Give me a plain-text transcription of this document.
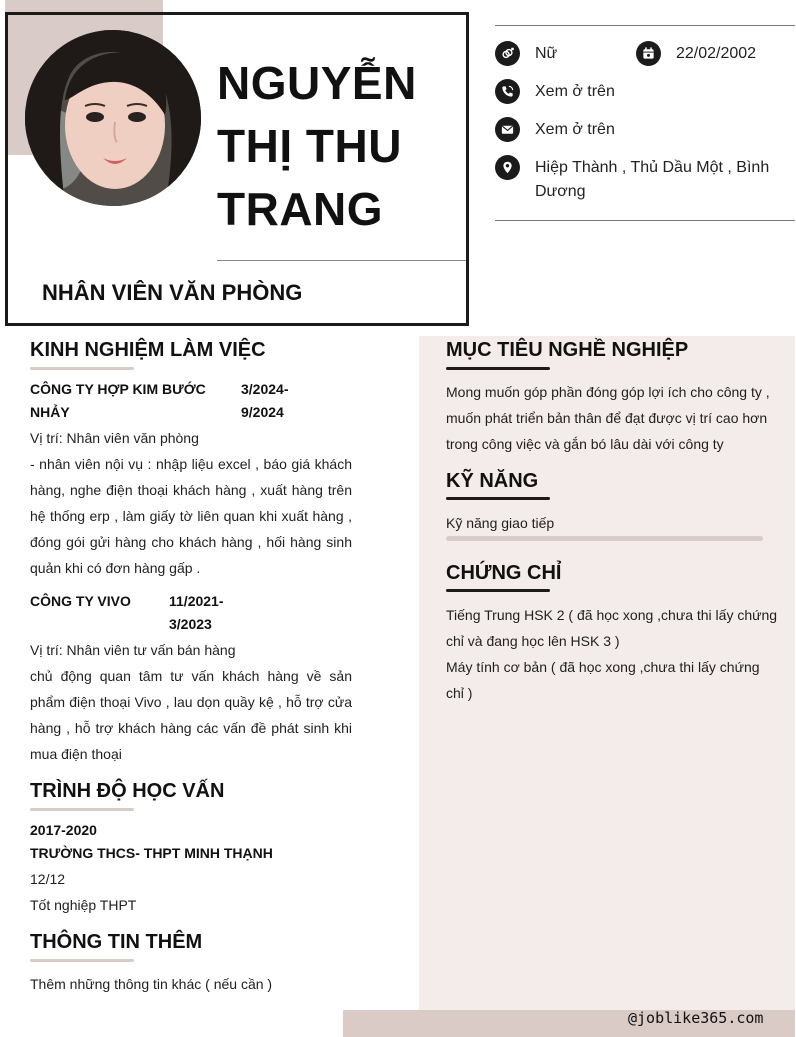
NGUYỄN THỊ THU TRANG
NHÂN VIÊN VĂN PHÒNG
Nữ	22/02/2002
Xem ở trên
Xem ở trên
Hiệp Thành , Thủ Dầu Một , Bình Dương
KINH NGHIỆM LÀM VIỆC
CÔNG TY HỢP KIM BƯỚC NHẢY
3/2024- 9/2024
Vị trí: Nhân viên văn phòng
- nhân viên nội vụ : nhập liệu excel , báo giá khách hàng, nghe điện thoại khách hàng , xuất hàng trên hệ thống erp , làm giấy tờ liên quan khi xuất hàng , đóng gói gửi hàng cho khách hàng , hối hàng sinh quản khi có đơn hàng gấp .
CÔNG TY VIVO	11/2021- 3/2023
Vị trí: Nhân viên tư vấn bán hàng
chủ động quan tâm tư vấn khách hàng về sản phẩm điện thoại Vivo , lau dọn quầy kệ , hỗ trợ cửa hàng , hỗ trợ khách hàng các vấn đề phát sinh khi mua điện thoại
TRÌNH ĐỘ HỌC VẤN
2017-2020
TRƯỜNG THCS- THPT MINH THẠNH
12/12
Tốt nghiệp THPT
THÔNG TIN THÊM
Thêm những thông tin khác ( nếu cần )
MỤC TIÊU NGHỀ NGHIỆP
Mong muốn góp phần đóng góp lợi ích cho công ty , muốn phát triển bản thân để đạt được vị trí cao hơn trong công việc và gắn bó lâu dài với công ty
KỸ NĂNG
Kỹ năng giao tiếp
CHỨNG CHỈ
Tiếng Trung HSK 2 ( đã học xong ,chưa thi lấy chứng chỉ và đang học lên HSK 3 )
Máy tính cơ bản ( đã học xong ,chưa thi lấy chứng chỉ )
@joblike365.com
